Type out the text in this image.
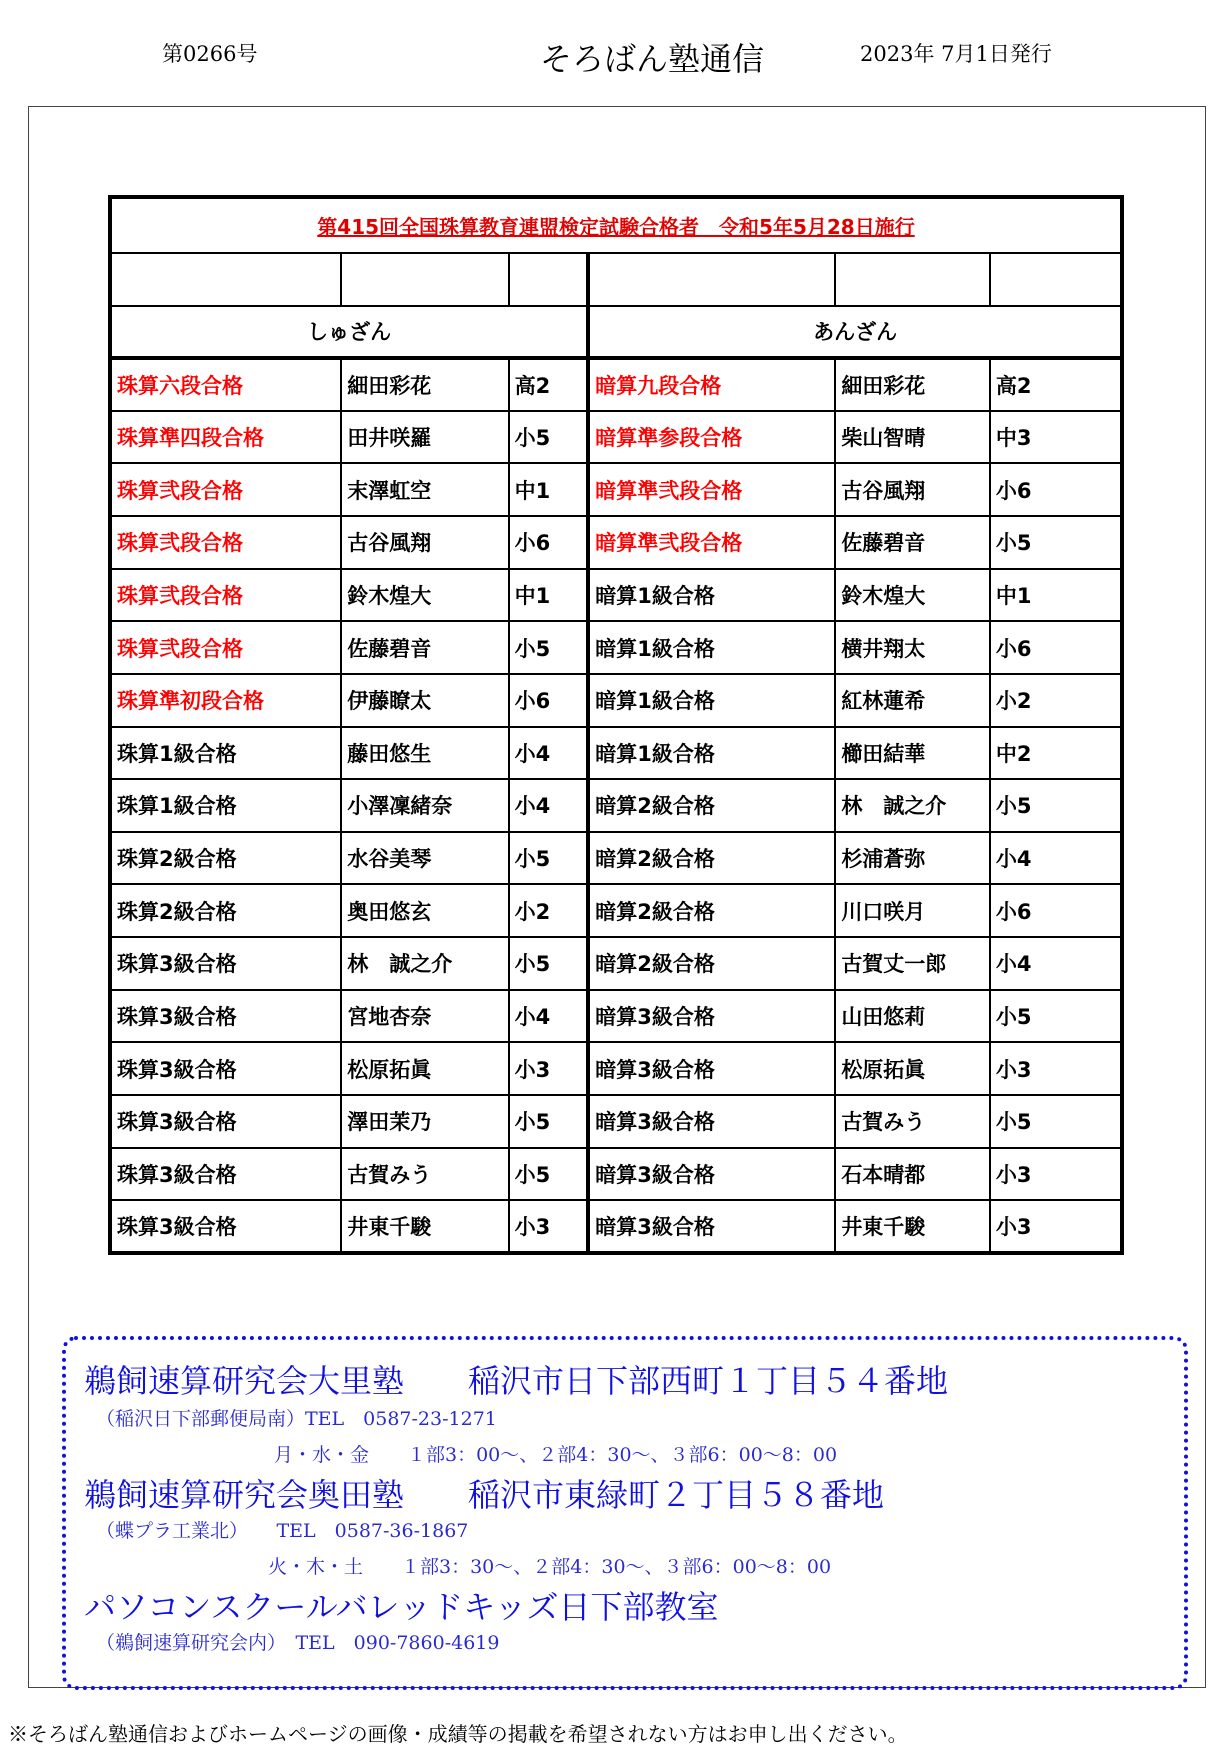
第0266号	そろばん塾通信	2023年 7月1日発行
第415回全国珠算教育連盟検定試験合格者　令和5年5月28日施行					

しゅざん			あんざん		
珠算六段合格	細田彩花	高2	暗算九段合格	細田彩花	高2
珠算準四段合格	田井咲羅	小5	暗算準参段合格	柴山智晴	中3
珠算弐段合格	末澤虹空	中1	暗算準弐段合格	古谷風翔	小6
珠算弐段合格	古谷風翔	小6	暗算準弐段合格	佐藤碧音	小5
珠算弐段合格	鈴木煌大	中1	暗算1級合格	鈴木煌大	中1
珠算弐段合格	佐藤碧音	小5	暗算1級合格	横井翔太	小6
珠算準初段合格	伊藤瞭太	小6	暗算1級合格	紅林蓮希	小2
珠算1級合格	藤田悠生	小4	暗算1級合格	櫛田結華	中2
珠算1級合格	小澤凜緒奈	小4	暗算2級合格	林　誠之介	小5
珠算2級合格	水谷美琴	小5	暗算2級合格	杉浦蒼弥	小4
珠算2級合格	奥田悠玄	小2	暗算2級合格	川口咲月	小6
珠算3級合格	林　誠之介	小5	暗算2級合格	古賀丈一郎	小4
珠算3級合格	宮地杏奈	小4	暗算3級合格	山田悠莉	小5
珠算3級合格	松原拓眞	小3	暗算3級合格	松原拓眞	小3
珠算3級合格	澤田茉乃	小5	暗算3級合格	古賀みう	小5
珠算3級合格	古賀みう	小5	暗算3級合格	石本晴都	小3
珠算3級合格	井東千駿	小3	暗算3級合格	井東千駿	小3
鵜飼速算研究会大里塾　　稲沢市日下部西町１丁目５４番地
（稲沢日下部郵便局南）TEL　0587-23-1271
月・水・金　　１部3：00～、２部4：30～、３部6：00～8：00
鵜飼速算研究会奥田塾　　稲沢市東緑町２丁目５８番地
（蝶プラ工業北）　　TEL　0587-36-1867
火・木・土　　１部3：30～、２部4：30～、３部6：00～8：00
パソコンスクールバレッドキッズ日下部教室
（鵜飼速算研究会内）　TEL　090-7860-4619
※そろばん塾通信およびホームページの画像・成績等の掲載を希望されない方はお申し出ください。
